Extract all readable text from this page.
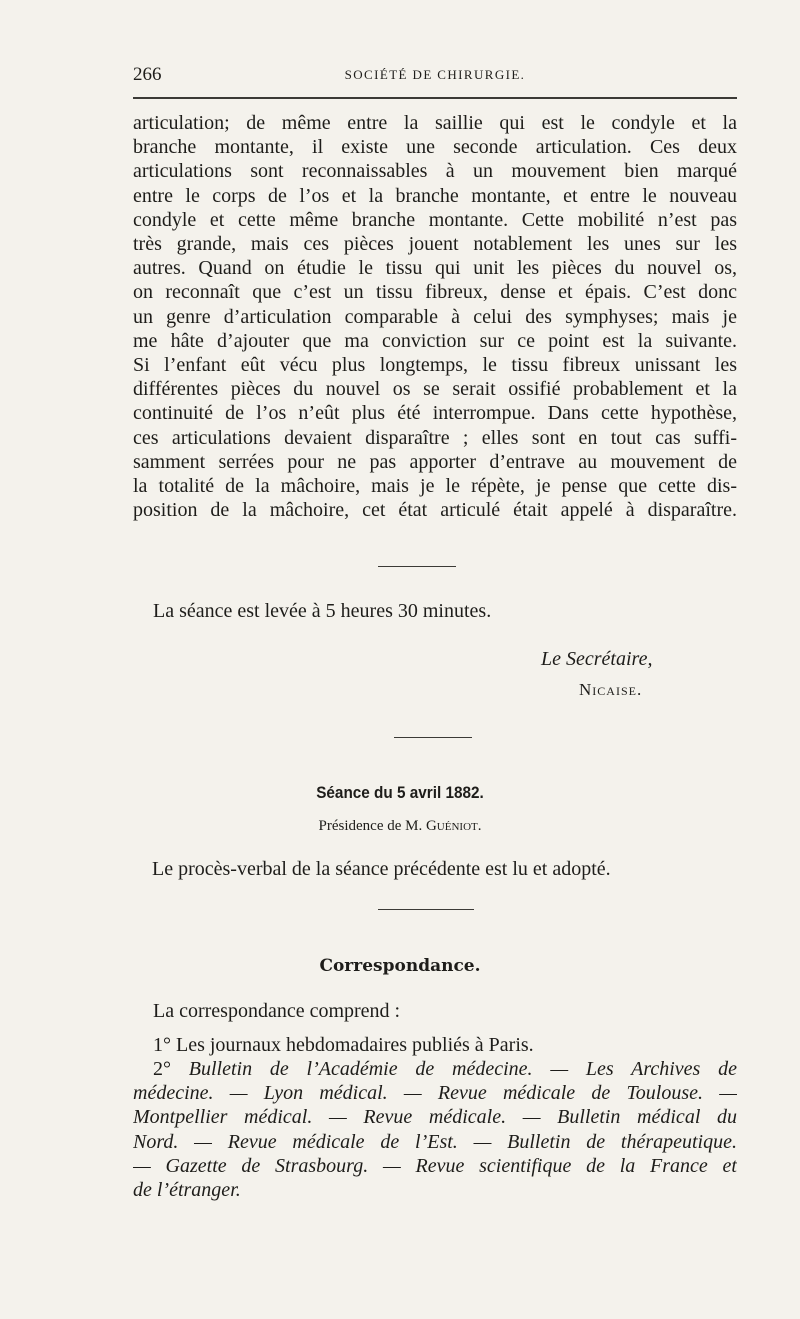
266	SOCIÉTÉ DE CHIRURGIE.

articulation; de même entre la saillie qui est le condyle et la
branche montante, il existe une seconde articulation. Ces deux
articulations sont reconnaissables à un mouvement bien marqué
entre le corps de l’os et la branche montante, et entre le nouveau
condyle et cette même branche montante. Cette mobilité n’est pas
très grande, mais ces pièces jouent notablement les unes sur les
autres. Quand on étudie le tissu qui unit les pièces du nouvel os,
on reconnaît que c’est un tissu fibreux, dense et épais. C’est donc
un genre d’articulation comparable à celui des symphyses; mais je
me hâte d’ajouter que ma conviction sur ce point est la suivante.
Si l’enfant eût vécu plus longtemps, le tissu fibreux unissant les
différentes pièces du nouvel os se serait ossifié probablement et la
continuité de l’os n’eût plus été interrompue. Dans cette hypothèse,
ces articulations devaient disparaître ; elles sont en tout cas suffi-
samment serrées pour ne pas apporter d’entrave au mouvement de
la totalité de la mâchoire, mais je le répète, je pense que cette dis-
position de la mâchoire, cet état articulé était appelé à disparaître.

La séance est levée à 5 heures 30 minutes.

Le Secrétaire,

Nicaise.

Séance du 5 avril 1882.

Présidence de M. Guéniot.

Le procès-verbal de la séance précédente est lu et adopté.

Correspondance.

La correspondance comprend :

1° Les journaux hebdomadaires publiés à Paris.

2° Bulletin de l’Académie de médecine. — Les Archives de
médecine. — Lyon médical. — Revue médicale de Toulouse. —
Montpellier médical. — Revue médicale. — Bulletin médical du
Nord. — Revue médicale de l’Est. — Bulletin de thérapeutique.
— Gazette de Strasbourg. — Revue scientifique de la France et
de l’étranger.
